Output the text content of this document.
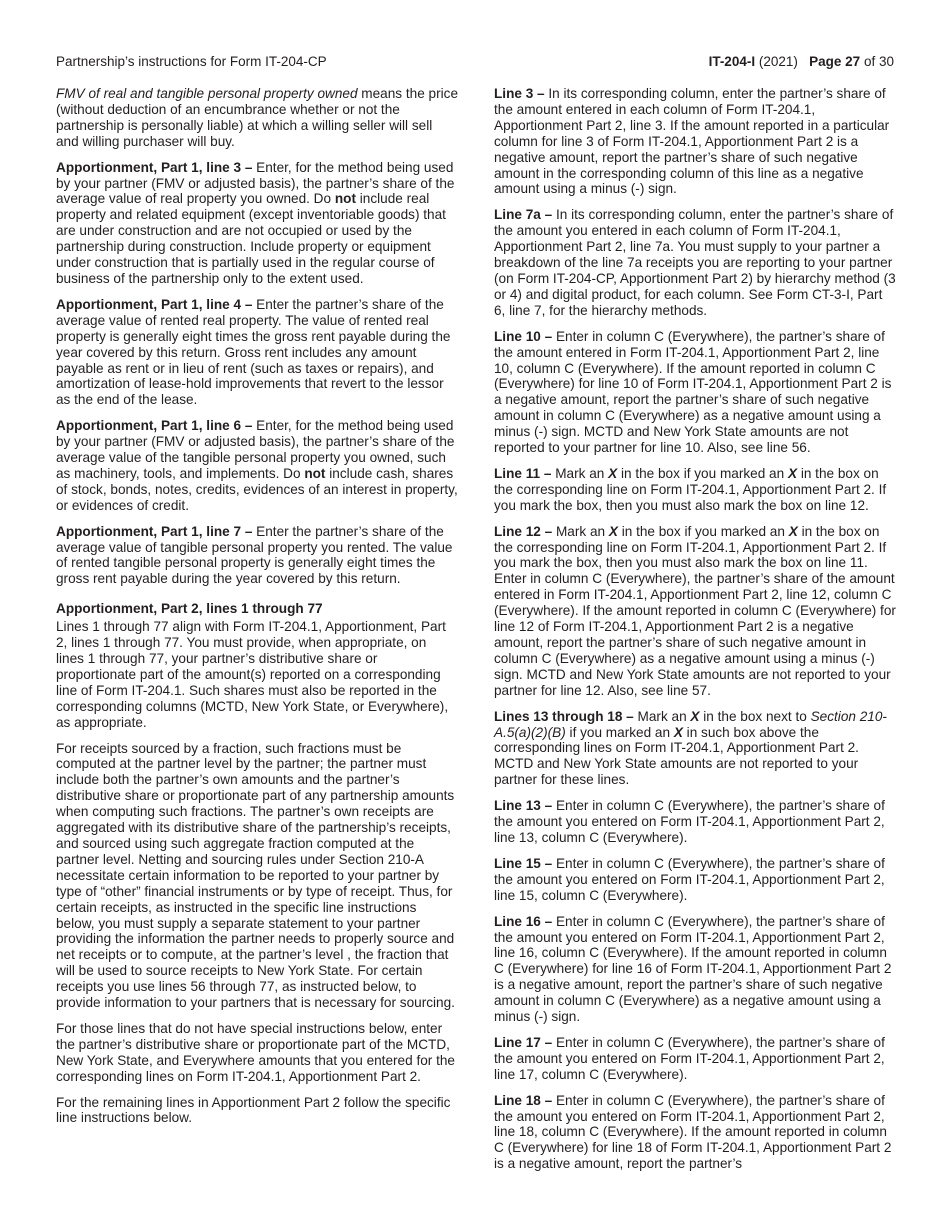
Partnership’s instructions for Form IT-204-CP	IT-204-I (2021) Page 27 of 30

FMV of real and tangible personal property owned means the price (without deduction of an encumbrance whether or not the partnership is personally liable) at which a willing seller will sell and willing purchaser will buy.

Apportionment, Part 1, line 3 – Enter, for the method being used by your partner (FMV or adjusted basis), the partner’s share of the average value of real property you owned. Do not include real property and related equipment (except inventoriable goods) that are under construction and are not occupied or used by the partnership during construction. Include property or equipment under construction that is partially used in the regular course of business of the partnership only to the extent used.

Apportionment, Part 1, line 4 – Enter the partner’s share of the average value of rented real property. The value of rented real property is generally eight times the gross rent payable during the year covered by this return. Gross rent includes any amount payable as rent or in lieu of rent (such as taxes or repairs), and amortization of lease-hold improvements that revert to the lessor as the end of the lease.

Apportionment, Part 1, line 6 – Enter, for the method being used by your partner (FMV or adjusted basis), the partner’s share of the average value of the tangible personal property you owned, such as machinery, tools, and implements. Do not include cash, shares of stock, bonds, notes, credits, evidences of an interest in property, or evidences of credit.

Apportionment, Part 1, line 7 – Enter the partner’s share of the average value of tangible personal property you rented. The value of rented tangible personal property is generally eight times the gross rent payable during the year covered by this return.

Apportionment, Part 2, lines 1 through 77

Lines 1 through 77 align with Form IT-204.1, Apportionment, Part 2, lines 1 through 77. You must provide, when appropriate, on lines 1 through 77, your partner’s distributive share or proportionate part of the amount(s) reported on a corresponding line of Form IT-204.1. Such shares must also be reported in the corresponding columns (MCTD, New York State, or Everywhere), as appropriate.

For receipts sourced by a fraction, such fractions must be computed at the partner level by the partner; the partner must include both the partner’s own amounts and the partner’s distributive share or proportionate part of any partnership amounts when computing such fractions. The partner’s own receipts are aggregated with its distributive share of the partnership’s receipts, and sourced using such aggregate fraction computed at the partner level. Netting and sourcing rules under Section 210-A necessitate certain information to be reported to your partner by type of “other” financial instruments or by type of receipt. Thus, for certain receipts, as instructed in the specific line instructions below, you must supply a separate statement to your partner providing the information the partner needs to properly source and net receipts or to compute, at the partner’s level , the fraction that will be used to source receipts to New York State. For certain receipts you use lines 56 through 77, as instructed below, to provide information to your partners that is necessary for sourcing.

For those lines that do not have special instructions below, enter the partner’s distributive share or proportionate part of the MCTD, New York State, and Everywhere amounts that you entered for the corresponding lines on Form IT-204.1, Apportionment Part 2.

For the remaining lines in Apportionment Part 2 follow the specific line instructions below.

Line 3 – In its corresponding column, enter the partner’s share of the amount entered in each column of Form IT-204.1, Apportionment Part 2, line 3. If the amount reported in a particular column for line 3 of Form IT-204.1, Apportionment Part 2 is a negative amount, report the partner’s share of such negative amount in the corresponding column of this line as a negative amount using a minus (-) sign.

Line 7a – In its corresponding column, enter the partner’s share of the amount you entered in each column of Form IT-204.1, Apportionment Part 2, line 7a. You must supply to your partner a breakdown of the line 7a receipts you are reporting to your partner (on Form IT-204-CP, Apportionment Part 2) by hierarchy method (3 or 4) and digital product, for each column. See Form CT-3-I, Part 6, line 7, for the hierarchy methods.

Line 10 – Enter in column C (Everywhere), the partner’s share of the amount entered in Form IT-204.1, Apportionment Part 2, line 10, column C (Everywhere). If the amount reported in column C (Everywhere) for line 10 of Form IT-204.1, Apportionment Part 2 is a negative amount, report the partner’s share of such negative amount in column C (Everywhere) as a negative amount using a minus (-) sign. MCTD and New York State amounts are not reported to your partner for line 10. Also, see line 56.

Line 11 – Mark an X in the box if you marked an X in the box on the corresponding line on Form IT-204.1, Apportionment Part 2. If you mark the box, then you must also mark the box on line 12.

Line 12 – Mark an X in the box if you marked an X in the box on the corresponding line on Form IT-204.1, Apportionment Part 2. If you mark the box, then you must also mark the box on line 11. Enter in column C (Everywhere), the partner’s share of the amount entered in Form IT-204.1, Apportionment Part 2, line 12, column C (Everywhere). If the amount reported in column C (Everywhere) for line 12 of Form IT-204.1, Apportionment Part 2 is a negative amount, report the partner’s share of such negative amount in column C (Everywhere) as a negative amount using a minus (-) sign. MCTD and New York State amounts are not reported to your partner for line 12. Also, see line 57.

Lines 13 through 18 – Mark an X in the box next to Section 210-A.5(a)(2)(B) if you marked an X in such box above the corresponding lines on Form IT-204.1, Apportionment Part 2. MCTD and New York State amounts are not reported to your partner for these lines.

Line 13 – Enter in column C (Everywhere), the partner’s share of the amount you entered on Form IT-204.1, Apportionment Part 2, line 13, column C (Everywhere).

Line 15 – Enter in column C (Everywhere), the partner’s share of the amount you entered on Form IT-204.1, Apportionment Part 2, line 15, column C (Everywhere).

Line 16 – Enter in column C (Everywhere), the partner’s share of the amount you entered on Form IT-204.1, Apportionment Part 2, line 16, column C (Everywhere). If the amount reported in column C (Everywhere) for line 16 of Form IT-204.1, Apportionment Part 2 is a negative amount, report the partner’s share of such negative amount in column C (Everywhere) as a negative amount using a minus (-) sign.

Line 17 – Enter in column C (Everywhere), the partner’s share of the amount you entered on Form IT-204.1, Apportionment Part 2, line 17, column C (Everywhere).

Line 18 – Enter in column C (Everywhere), the partner’s share of the amount you entered on Form IT-204.1, Apportionment Part 2, line 18, column C (Everywhere). If the amount reported in column C (Everywhere) for line 18 of Form IT-204.1, Apportionment Part 2 is a negative amount, report the partner’s
